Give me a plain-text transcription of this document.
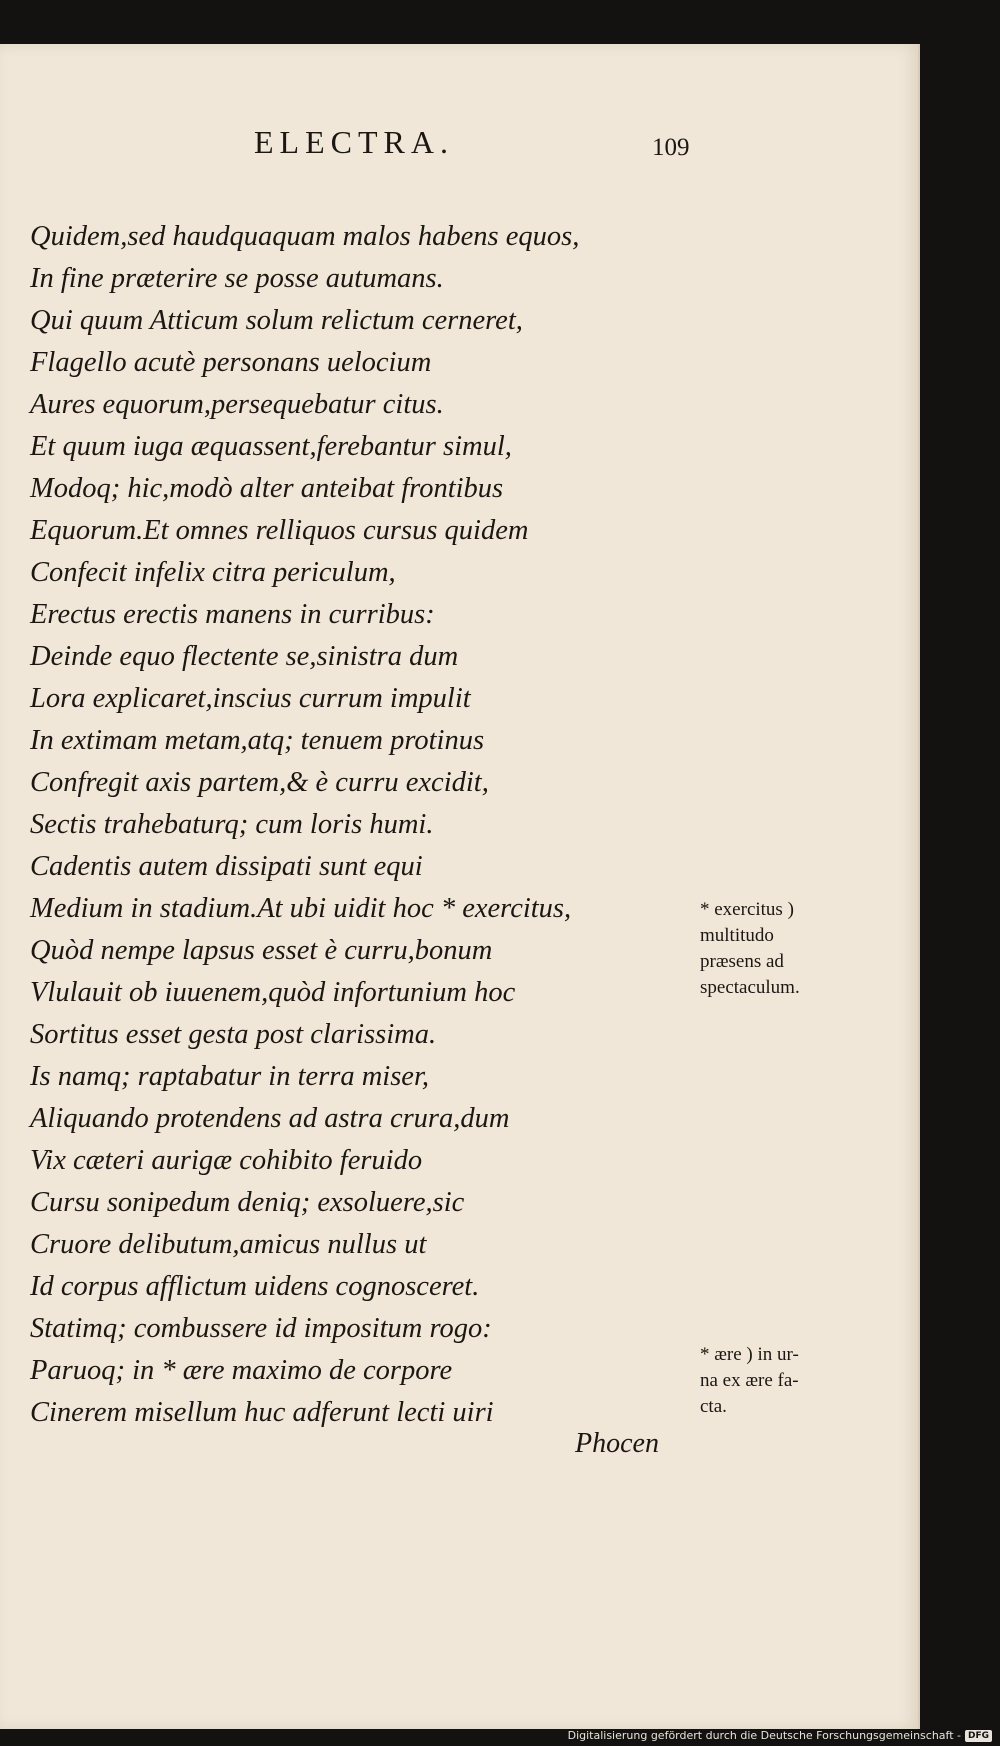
ELECTRA.	109
Quidem,sed haudquaquam malos habens equos,
In fine præterire se posse autumans.
Qui quum Atticum solum relictum cerneret,
Flagello acutè personans uelocium
Aures equorum,persequebatur citus.
Et quum iuga æquassent,ferebantur simul,
Modoq; hic,modò alter anteibat frontibus
Equorum.Et omnes relliquos cursus quidem
Confecit infelix citra periculum,
Erectus erectis manens in curribus:
Deinde equo flectente se,sinistra dum
Lora explicaret,inscius currum impulit
In extimam metam,atq; tenuem protinus
Confregit axis partem,& è curru excidit,
Sectis trahebaturq; cum loris humi.
Cadentis autem dissipati sunt equi
Medium in stadium.At ubi uidit hoc * exercitus,
Quòd nempe lapsus esset è curru,bonum
Vlulauit ob iuuenem,quòd infortunium hoc
Sortitus esset gesta post clarissima.
Is namq; raptabatur in terra miser,
Aliquando protendens ad astra crura,dum
Vix cæteri aurigæ cohibito feruido
Cursu sonipedum deniq; exsoluere,sic
Cruore delibutum,amicus nullus ut
Id corpus afflictum uidens cognosceret.
Statimq; combussere id impositum rogo:
Paruoq; in * ære maximo de corpore
Cinerem misellum huc adferunt lecti uiri
* exercitus )
multitudo
præsens ad
spectaculum.
* ære ) in ur-
na ex ære fa-
cta.
Phocen
Digitalisierung gefördert durch die Deutsche Forschungsgemeinschaft - DFG
